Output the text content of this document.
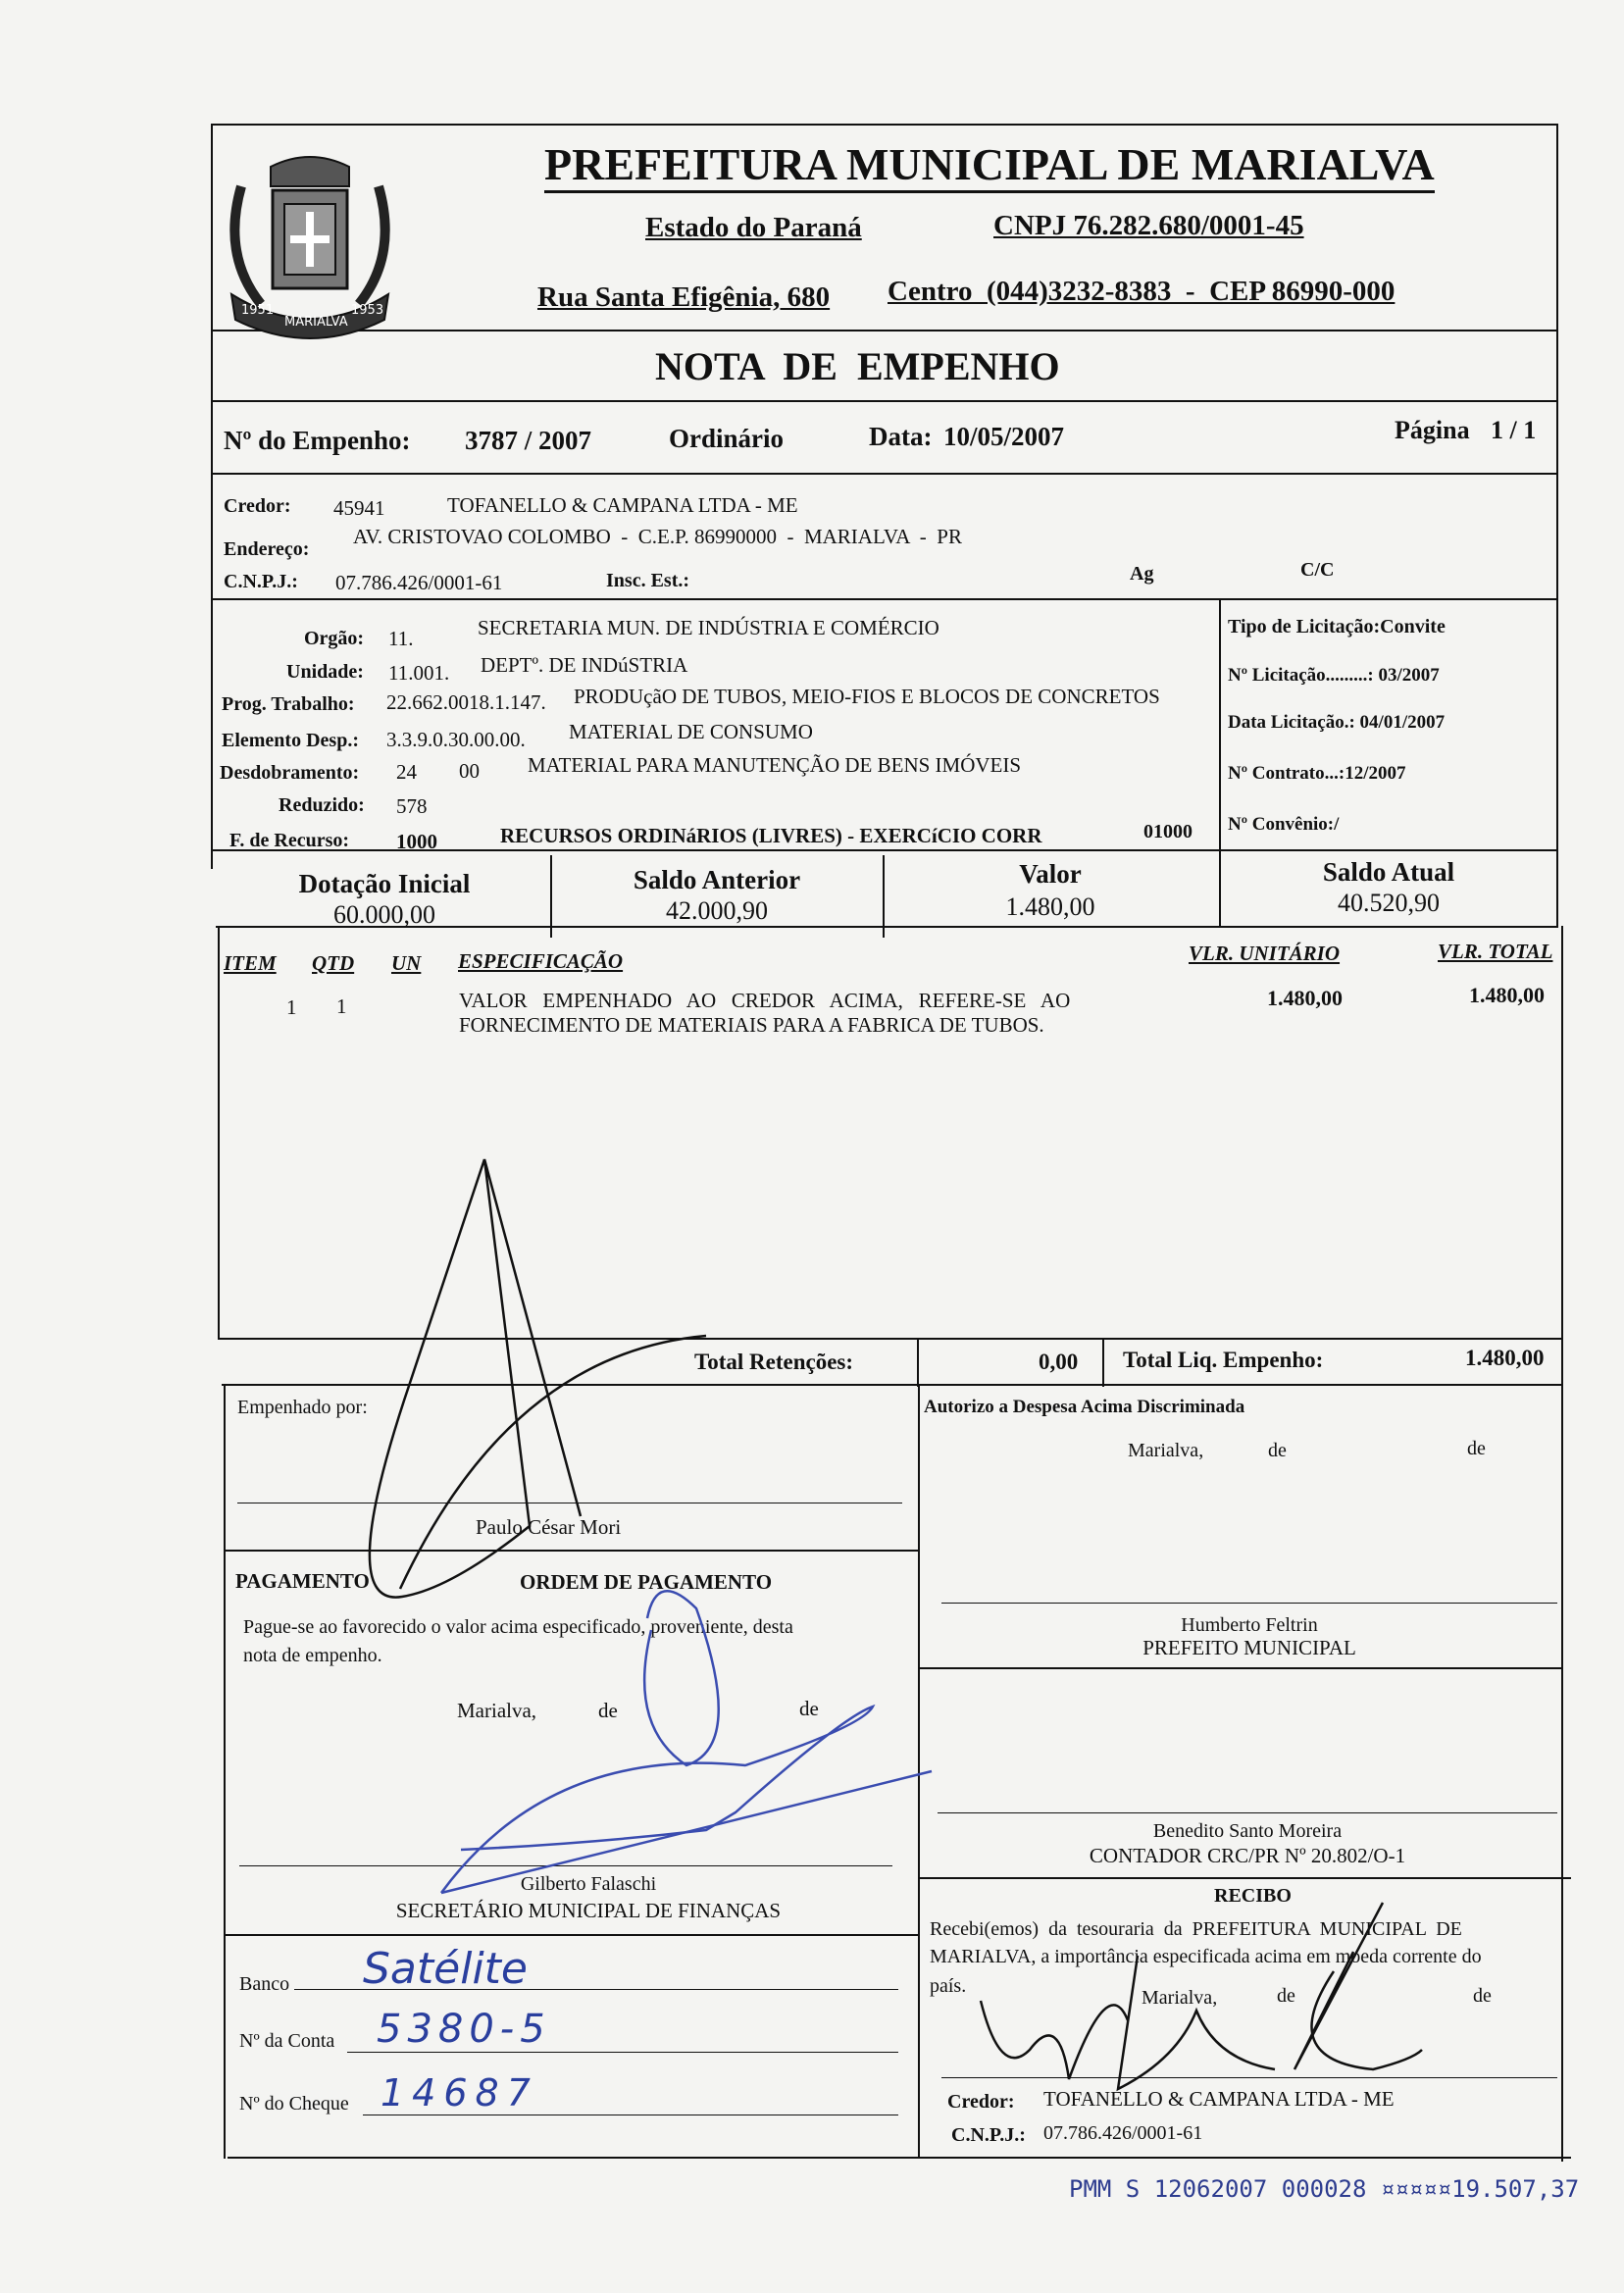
1951
MARIALVA
1953
PREFEITURA MUNICIPAL DE MARIALVA
Estado do Paraná	CNPJ 76.282.680/0001-45
Rua Santa Efigênia, 680 Centro  (044)3232-8383  -  CEP 86990-000
NOTA  DE  EMPENHO
Nº do Empenho: 3787 / 2007	Ordinário	Data: 10/05/2007	Página 1 / 1
Credor: 45941	TOFANELLO & CAMPANA LTDA - ME
Endereço:
AV. CRISTOVAO COLOMBO  -  C.E.P. 86990000  -  MARIALVA  -  PR
C.N.P.J.: 07.786.426/0001-61	Insc. Est.:	Ag	C/C
Orgão: 11.	SECRETARIA MUN. DE INDÚSTRIA E COMÉRCIO
Unidade: 11.001. DEPTº. DE INDúSTRIA
Prog. Trabalho: 22.662.0018.1.147. PRODUçãO DE TUBOS, MEIO-FIOS E BLOCOS DE CONCRETOS
Elemento Desp.: 3.3.9.0.30.00.00. MATERIAL DE CONSUMO
Desdobramento: 24 00 MATERIAL PARA MANUTENÇÃO DE BENS IMÓVEIS
Reduzido: 578
F. de Recurso: 1000	RECURSOS ORDINáRIOS (LIVRES) - EXERCíCIO CORR	01000
Tipo de Licitação:Convite
Nº Licitação.........: 03/2007
Data Licitação.: 04/01/2007
Nº Contrato...:12/2007
Nº Convênio:/
Dotação Inicial
60.000,00
Saldo Anterior
42.000,90
Valor
1.480,00
Saldo Atual
40.520,90
ITEM QTD UN ESPECIFICAÇÃO	VLR. UNITÁRIO	VLR. TOTAL
1 1	VALOR   EMPENHADO   AO   CREDOR   ACIMA,   REFERE-SE   AO
FORNECIMENTO DE MATERIAIS PARA A FABRICA DE TUBOS.
1.480,00	1.480,00
Total Retenções:	0,00 Total Liq. Empenho:	1.480,00
Empenhado por:
Paulo César Mori
PAGAMENTO	ORDEM DE PAGAMENTO
Pague-se ao favorecido o valor acima especificado, proveniente, desta
nota de empenho.
Marialva,	de	de
Gilberto Falaschi
SECRETÁRIO MUNICIPAL DE FINANÇAS
Banco Satélite
Nº da Conta 5380-5
Nº do Cheque 14687
Autorizo a Despesa Acima Discriminada
Marialva,	de	de
Humberto Feltrin
PREFEITO MUNICIPAL
Benedito Santo Moreira
CONTADOR CRC/PR Nº 20.802/O-1
RECIBO
Recebi(emos)  da  tesouraria  da  PREFEITURA  MUNICIPAL  DE
MARIALVA, a importância especificada acima em moeda corrente do
país.
Marialva,	de	de
Credor: TOFANELLO & CAMPANA LTDA - ME
C.N.P.J.: 07.786.426/0001-61
PMM S 12062007 000028 ¤¤¤¤¤19.507,37
